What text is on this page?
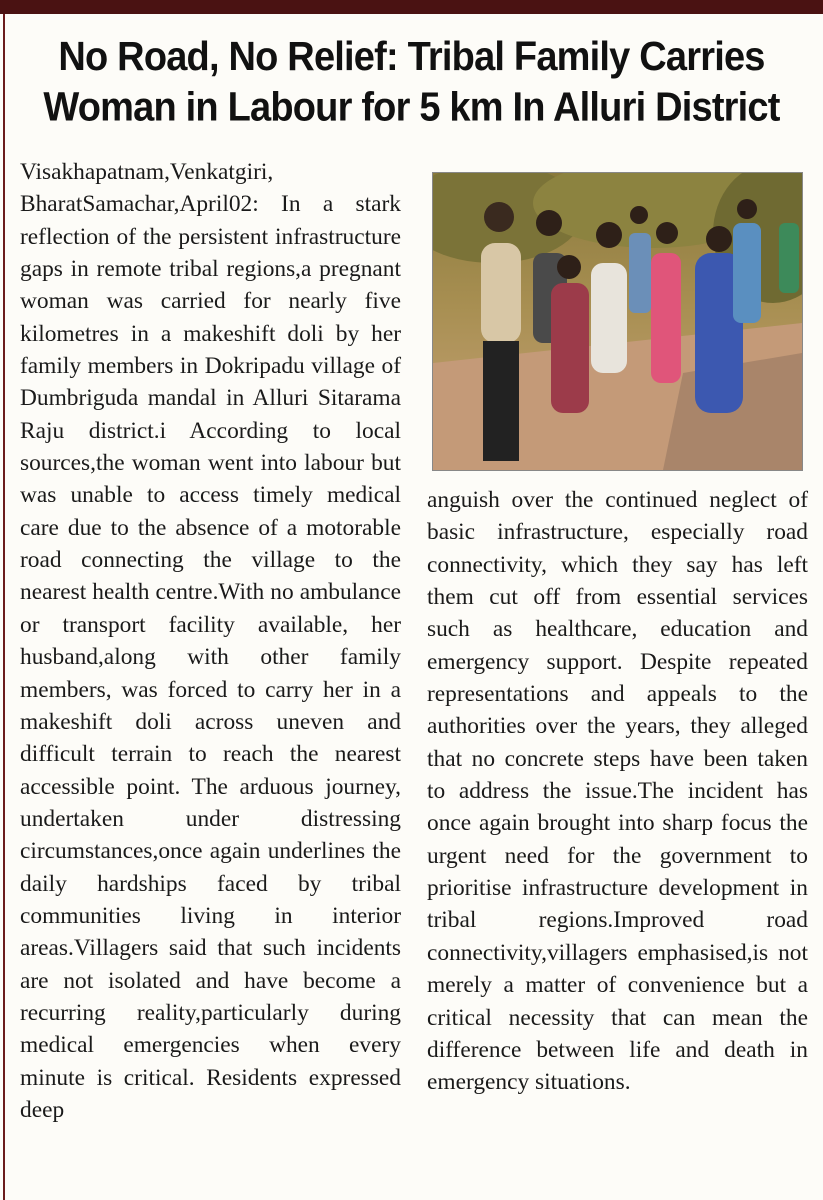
No Road, No Relief: Tribal Family Carries Woman in Labour for 5 km In Alluri District

Visakhapatnam,Venkatgiri, BharatSamachar,April02: In a stark reflection of the persistent infrastructure gaps in remote tribal regions,a pregnant woman was carried for nearly five kilometres in a makeshift doli by her family members in Dokripadu village of Dumbriguda mandal in Alluri Sitarama Raju district.i According to local sources,the woman went into labour but was unable to access timely medical care due to the absence of a motorable road connecting the village to the nearest health centre.With no ambulance or transport facility available, her husband,along with other family members, was forced to carry her in a makeshift doli across uneven and difficult terrain to reach the nearest accessible point. The arduous journey, undertaken under distressing circumstances,once again underlines the daily hardships faced by tribal communities living in interior areas.Villagers said that such incidents are not isolated and have become a recurring reality,particularly during medical emergencies when every minute is critical. Residents expressed deep

anguish over the continued neglect of basic infrastructure, especially road connectivity, which they say has left them cut off from essential services such as healthcare, education and emergency support. Despite repeated representations and appeals to the authorities over the years, they alleged that no concrete steps have been taken to address the issue.The incident has once again brought into sharp focus the urgent need for the government to prioritise infrastructure development in tribal regions.Improved road connectivity,villagers emphasised,is not merely a matter of convenience but a critical necessity that can mean the difference between life and death in emergency situations.
